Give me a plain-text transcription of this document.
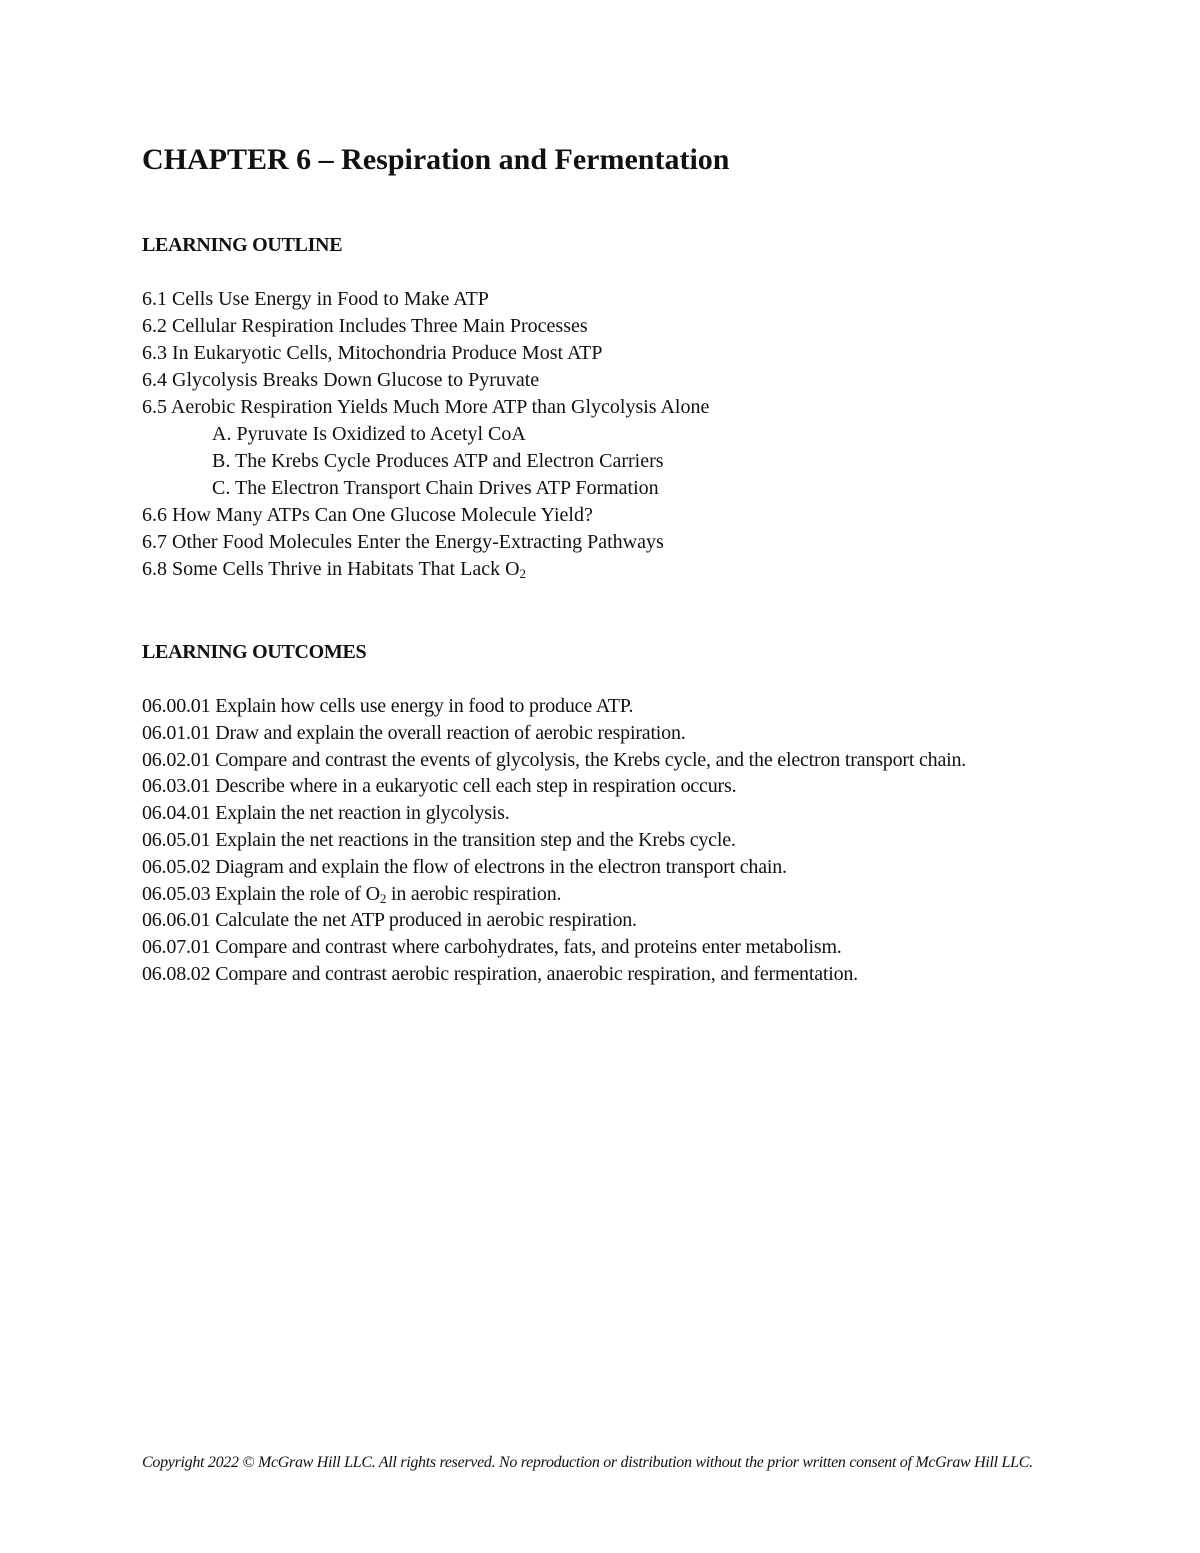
CHAPTER 6 – Respiration and Fermentation
LEARNING OUTLINE
6.1 Cells Use Energy in Food to Make ATP
6.2 Cellular Respiration Includes Three Main Processes
6.3 In Eukaryotic Cells, Mitochondria Produce Most ATP
6.4 Glycolysis Breaks Down Glucose to Pyruvate
6.5 Aerobic Respiration Yields Much More ATP than Glycolysis Alone
A. Pyruvate Is Oxidized to Acetyl CoA
B. The Krebs Cycle Produces ATP and Electron Carriers
C. The Electron Transport Chain Drives ATP Formation
6.6 How Many ATPs Can One Glucose Molecule Yield?
6.7 Other Food Molecules Enter the Energy-Extracting Pathways
6.8 Some Cells Thrive in Habitats That Lack $O_2$
LEARNING OUTCOMES
06.00.01 Explain how cells use energy in food to produce ATP.
06.01.01 Draw and explain the overall reaction of aerobic respiration.
06.02.01 Compare and contrast the events of glycolysis, the Krebs cycle, and the electron transport chain.
06.03.01 Describe where in a eukaryotic cell each step in respiration occurs.
06.04.01 Explain the net reaction in glycolysis.
06.05.01 Explain the net reactions in the transition step and the Krebs cycle.
06.05.02 Diagram and explain the flow of electrons in the electron transport chain.
06.05.03 Explain the role of $O_2$ in aerobic respiration.
06.06.01 Calculate the net ATP produced in aerobic respiration.
06.07.01 Compare and contrast where carbohydrates, fats, and proteins enter metabolism.
06.08.02 Compare and contrast aerobic respiration, anaerobic respiration, and fermentation.

Copyright 2022 © McGraw Hill LLC. All rights reserved. No reproduction or distribution without the prior written consent of McGraw Hill LLC.
